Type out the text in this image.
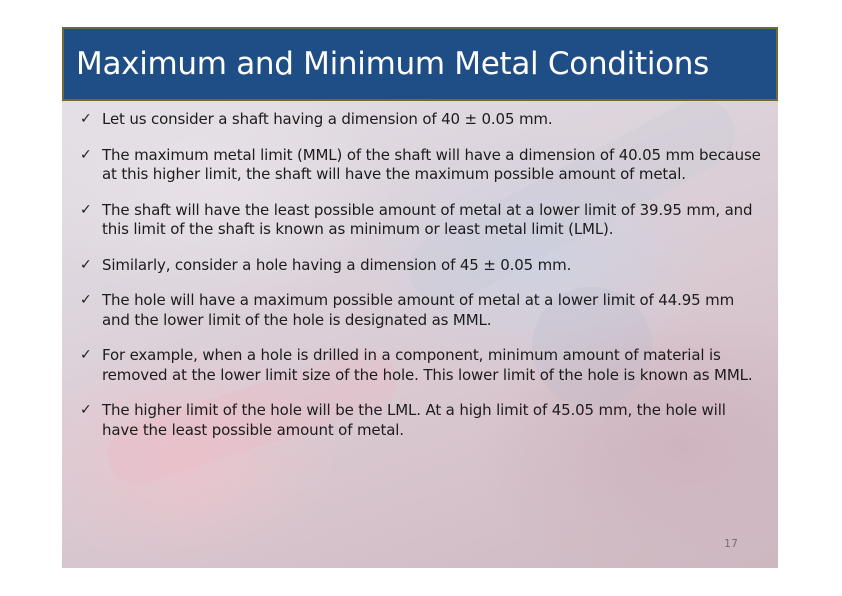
Maximum and Minimum Metal Conditions
✓ Let us consider a shaft having a dimension of 40 ± 0.05 mm.
✓ The maximum metal limit (MML) of the shaft will have a dimension of 40.05 mm because at this higher limit, the shaft will have the maximum possible amount of metal.
✓ The shaft will have the least possible amount of metal at a lower limit of 39.95 mm, and this limit of the shaft is known as minimum or least metal limit (LML).
✓ Similarly, consider a hole having a dimension of 45 ± 0.05 mm.
✓ The hole will have a maximum possible amount of metal at a lower limit of 44.95 mm and the lower limit of the hole is designated as MML.
✓ For example, when a hole is drilled in a component, minimum amount of material is removed at the lower limit size of the hole. This lower limit of the hole is known as MML.
✓ The higher limit of the hole will be the LML. At a high limit of 45.05 mm, the hole will have the least possible amount of metal.
17
